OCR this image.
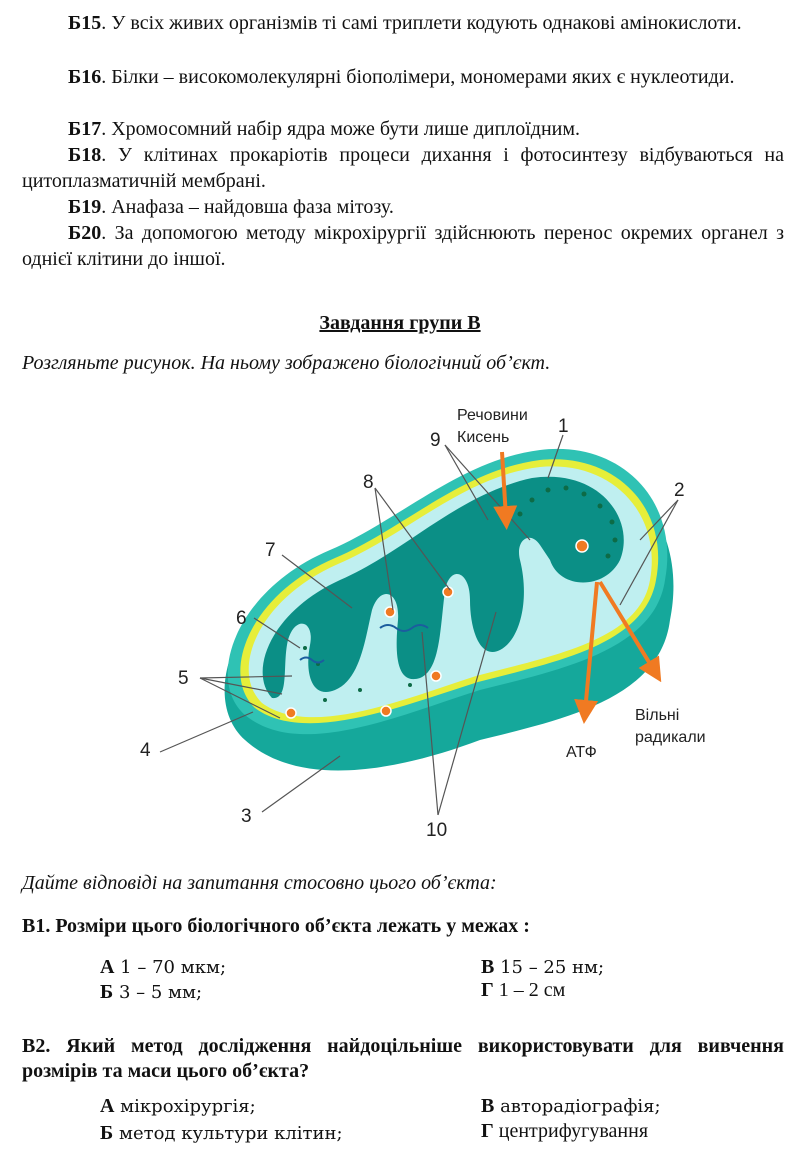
Б15. У всіх живих організмів ті самі триплети кодують однакові амінокислоти.
Б16. Білки – високомолекулярні біополімери, мономерами яких є нуклеотиди.
Б17. Хромосомний набір ядра може бути лише диплоїдним.
Б18. У клітинах прокаріотів процеси дихання і фотосинтезу відбуваються на цитоплазматичній мембрані.
Б19. Анафаза – найдовша фаза мітозу.
Б20. За допомогою методу мікрохірургії здійснюють перенос окремих органел з однієї клітини до іншої.
Завдання групи В
Розгляньте рисунок. На ньому зображено біологічний об’єкт.
1
2
3
4
5
6
7
8
9
10
Речовини
Кисень
Вільні
радикали
АТФ
Дайте відповіді на запитання стосовно цього об’єкта:
В1. Розміри цього біологічного об’єкта лежать у межах :
А 1 – 70 мкм;	В 15 – 25 нм;
Б 3 – 5 мм;	Г 1 – 2 см
В2. Який метод дослідження найдоцільніше використовувати для вивчення розмірів та маси цього об’єкта?
А мікрохірургія;	В авторадіографія;
Б метод культури клітин;	Г центрифугування
